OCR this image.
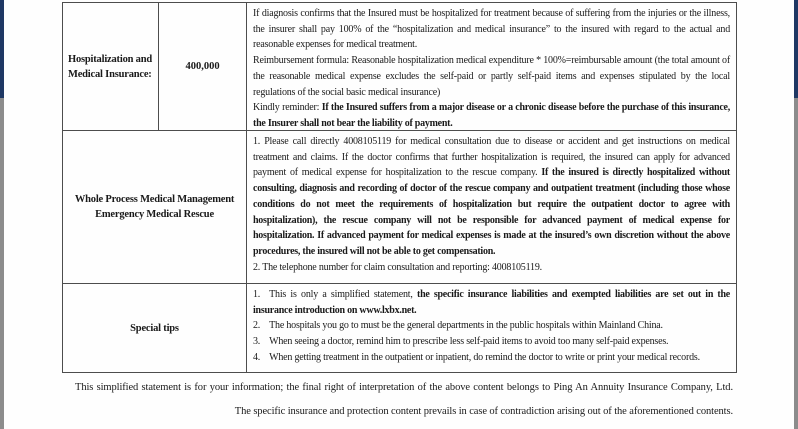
Hospitalization and
Medical Insurance:
400,000

If diagnosis confirms that the Insured must be hospitalized for treatment because of suffering from the injuries or the illness, the insurer shall pay 100% of the “hospitalization and medical insurance” to the insured with regard to the actual and reasonable expenses for medical treatment.

Reimbursement formula: Reasonable hospitalization medical expenditure * 100%=reimbursable amount (the total amount of the reasonable medical expense excludes the self-paid or partly self-paid items and expenses stipulated by the local regulations of the social basic medical insurance)

Kindly reminder: If the Insured suffers from a major disease or a chronic disease before the purchase of this insurance, the Insurer shall not bear the liability of payment.

Whole Process Medical Management
Emergency Medical Rescue

1. Please call directly 4008105119 for medical consultation due to disease or accident and get instructions on medical treatment and claims. If the doctor confirms that further hospitalization is required, the insured can apply for advanced payment of medical expense for hospitalization to the rescue company. If the insured is directly hospitalized without consulting, diagnosis and recording of doctor of the rescue company and outpatient treatment (including those whose conditions do not meet the requirements of hospitalization but require the outpatient doctor to agree with hospitalization), the rescue company will not be responsible for advanced payment of medical expense for hospitalization. If advanced payment for medical expenses is made at the insured’s own discretion without the above procedures, the insured will not be able to get compensation.

2. The telephone number for claim consultation and reporting: 4008105119.

Special tips

1. This is only a simplified statement, the specific insurance liabilities and exempted liabilities are set out in the insurance introduction on www.lxbx.net.

2. The hospitals you go to must be the general departments in the public hospitals within Mainland China.

3. When seeing a doctor, remind him to prescribe less self-paid items to avoid too many self-paid expenses.

4. When getting treatment in the outpatient or inpatient, do remind the doctor to write or print your medical records.

This simplified statement is for your information; the final right of interpretation of the above content belongs to Ping An Annuity Insurance Company, Ltd.
The specific insurance and protection content prevails in case of contradiction arising out of the aforementioned contents.
